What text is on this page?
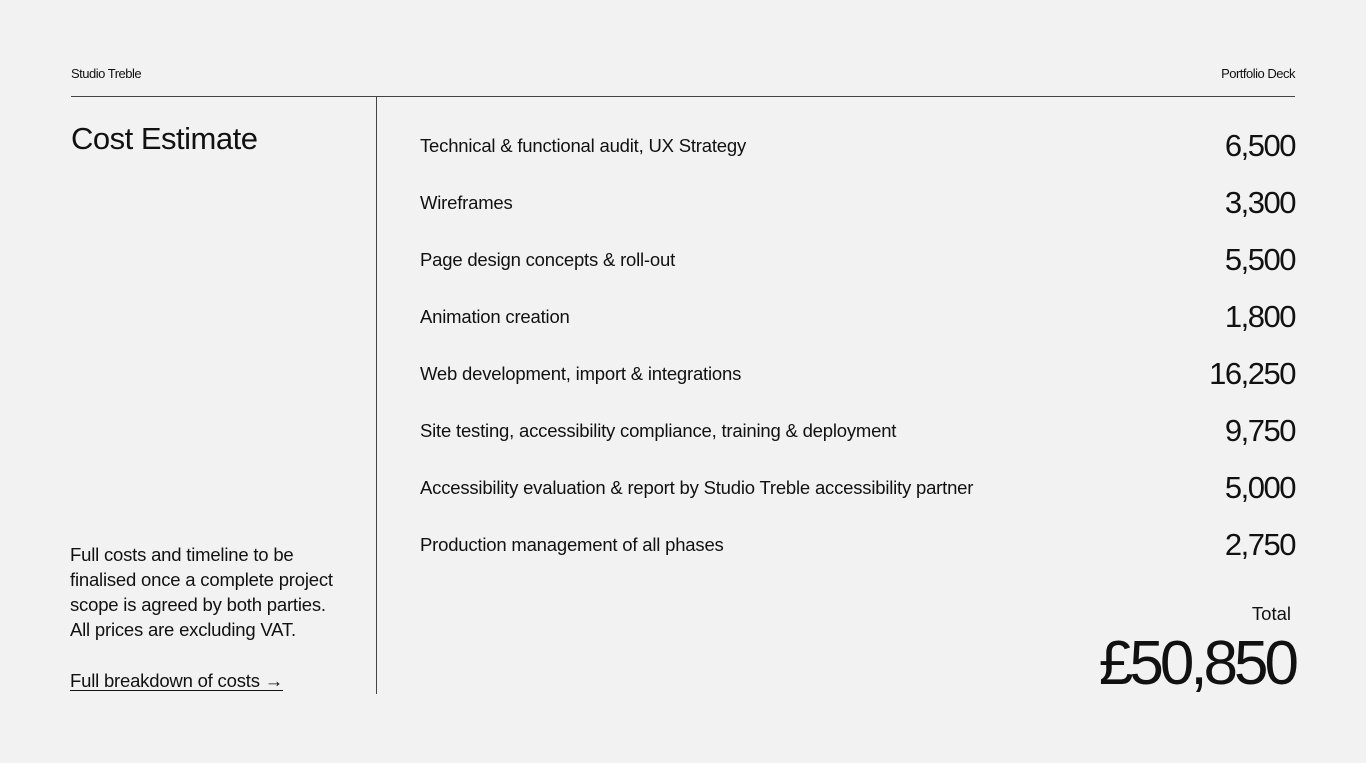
Studio Treble	Portfolio Deck
Cost Estimate

Full costs and timeline to be finalised once a complete project scope is agreed by both parties. All prices are excluding VAT.

Full breakdown of costs →
Technical & functional audit, UX Strategy	6,500
Wireframes	3,300
Page design concepts & roll-out	5,500
Animation creation	1,800
Web development, import & integrations	16,250
Site testing, accessibility compliance, training & deployment	9,750
Accessibility evaluation & report by Studio Treble accessibility partner	5,000
Production management of all phases	2,750
Total
£50,850
